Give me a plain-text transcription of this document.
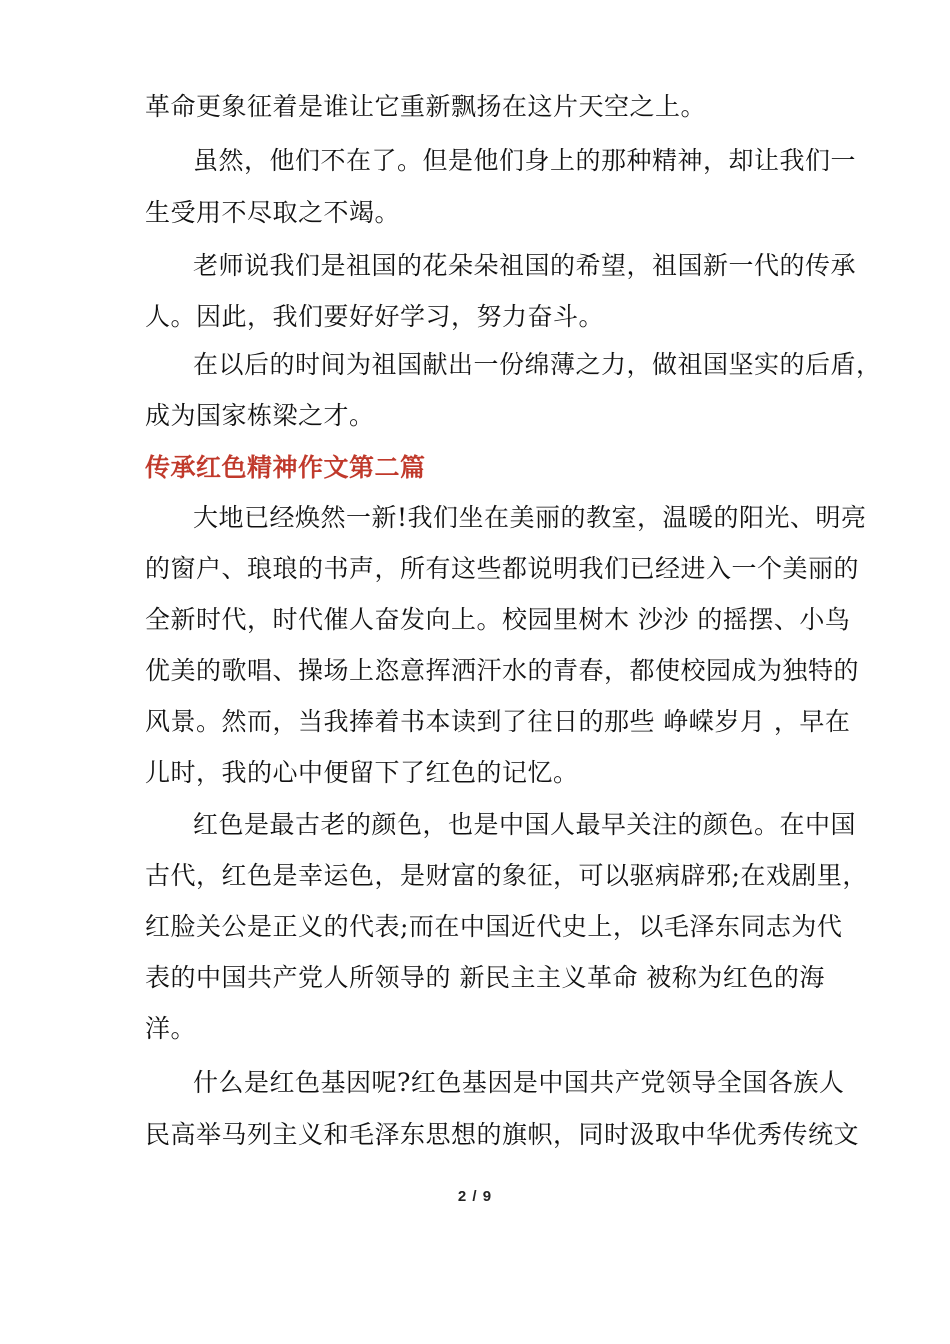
革命更象征着是谁让它重新飘扬在这片天空之上。
虽然，他们不在了。但是他们身上的那种精神，却让我们一
生受用不尽取之不竭。
老师说我们是祖国的花朵朵祖国的希望，祖国新一代的传承
人。因此，我们要好好学习，努力奋斗。
在以后的时间为祖国献出一份绵薄之力，做祖国坚实的后盾，
成为国家栋梁之才。
传承红色精神作文第二篇
大地已经焕然一新!我们坐在美丽的教室，温暖的阳光、明亮
的窗户、琅琅的书声，所有这些都说明我们已经进入一个美丽的
全新时代，时代催人奋发向上。校园里树木 沙沙 的摇摆、小鸟
优美的歌唱、操场上恣意挥洒汗水的青春，都使校园成为独特的
风景。然而，当我捧着书本读到了往日的那些 峥嵘岁月 ，早在
儿时，我的心中便留下了红色的记忆。
红色是最古老的颜色，也是中国人最早关注的颜色。在中国
古代，红色是幸运色，是财富的象征，可以驱病辟邪;在戏剧里，
红脸关公是正义的代表;而在中国近代史上，以毛泽东同志为代
表的中国共产党人所领导的 新民主主义革命 被称为红色的海
洋。
什么是红色基因呢?红色基因是中国共产党领导全国各族人
民高举马列主义和毛泽东思想的旗帜，同时汲取中华优秀传统文
2 / 9
